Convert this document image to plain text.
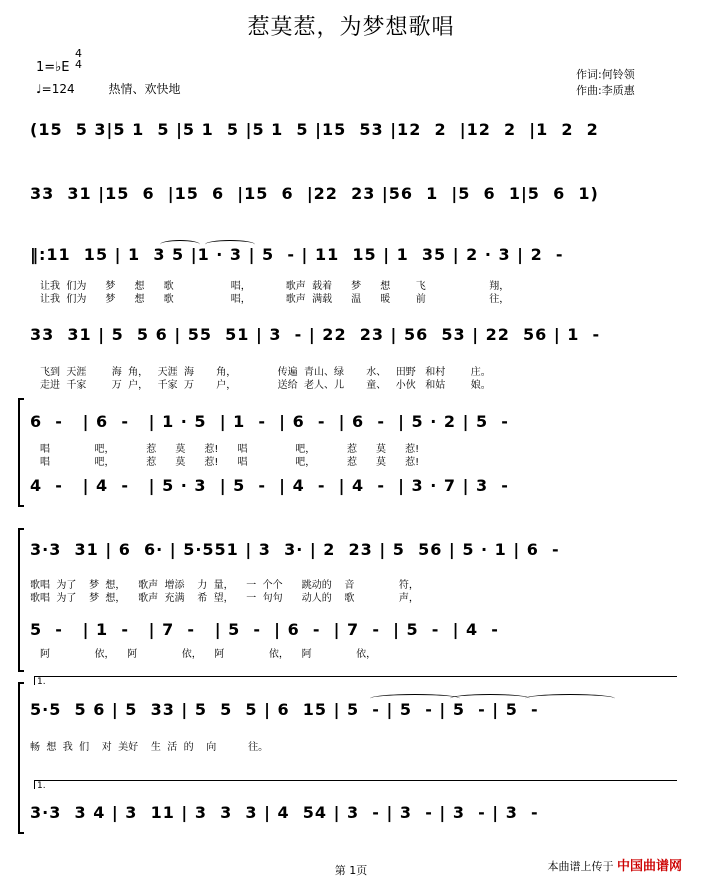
惹莫惹，为梦想歌唱
1=♭E
4
4
♩=124	热情、欢快地
作词:何铃领
作曲:李质惠
1.
1.
(15  5 3|5 1  5 |5 1  5 |5 1  5 |15  53 |12  2  |12  2  |1  2  2
33  31 |15  6  |15  6  |15  6  |22  23 |56  1  |5  6  1|5  6  1)
‖:11  15 | 1  3 5 |1 · 3 | 5  - | 11  15 | 1  35 | 2 · 3 | 2  -
让我  们为      梦      想      歌                  唱，           歌声  载着      梦      想        飞                    翔，
让我  们为      梦      想      歌                  唱，           歌声  满载      温      暖        前                    往，
33  31 | 5  5 6 | 55  51 | 3  - | 22  23 | 56  53 | 22  56 | 1  -
飞到  天涯        海  角，   天涯  海       角，             传遍  青山、绿       水、   田野   和村        庄。
走进  千家        万  户，   千家  万       户，             送给  老人、儿       童、   小伙   和姑        娘。
6  -   | 6  -   | 1 · 5  | 1  -  | 6  -  | 6  -  | 5 · 2 | 5  -
唱              吧，          惹      莫      惹!      唱               吧，          惹      莫      惹!
唱              吧，          惹      莫      惹!      唱               吧，          惹      莫      惹!
4  -   | 4  -   | 5 · 3  | 5  -  | 4  -  | 4  -  | 3 · 7 | 3  -
3·3  31 | 6  6· | 5·551 | 3  3· | 2  23 | 5  56 | 5 · 1 | 6  -
歌唱  为了    梦  想，    歌声  增添    力  量，    一  个个      跳动的    音              符，
歌唱  为了    梦  想，    歌声  充满    希  望，    一  句句      动人的    歌              声，
5  -   | 1  -   | 7  -   | 5  -  | 6  -  | 7  -  | 5  -  | 4  -
阿              依，    阿              依，    阿              依，    阿              依，
5·5  5 6 | 5  33 | 5  5  5 | 6  15 | 5  - | 5  - | 5  - | 5  -
畅  想  我  们    对  美好    生  活  的    向          往。
3·3  3 4 | 3  11 | 3  3  3 | 4  54 | 3  - | 3  - | 3  - | 3  -
第 1页	本曲谱上传于 中国曲谱网
